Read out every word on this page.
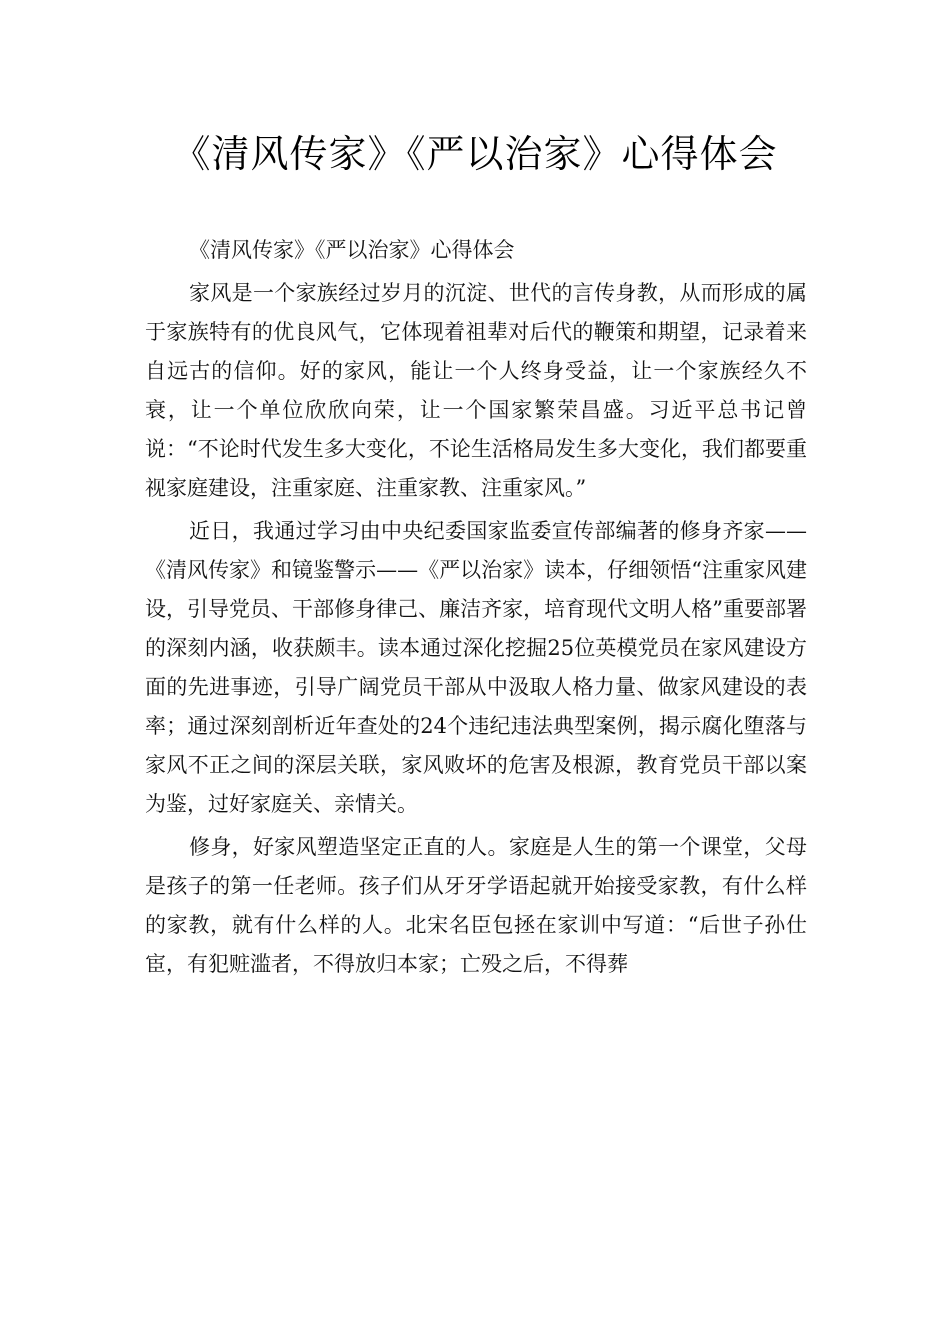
《清风传家》《严以治家》心得体会

《清风传家》《严以治家》心得体会

家风是一个家族经过岁月的沉淀、世代的言传身教，从而形成的属于家族特有的优良风气，它体现着祖辈对后代的鞭策和期望，记录着来自远古的信仰。好的家风，能让一个人终身受益，让一个家族经久不衰，让一个单位欣欣向荣，让一个国家繁荣昌盛。习近平总书记曾说：“不论时代发生多大变化，不论生活格局发生多大变化，我们都要重视家庭建设，注重家庭、注重家教、注重家风。”

近日，我通过学习由中央纪委国家监委宣传部编著的修身齐家——《清风传家》和镜鉴警示——《严以治家》读本，仔细领悟“注重家风建设，引导党员、干部修身律己、廉洁齐家，培育现代文明人格”重要部署的深刻内涵，收获颇丰。读本通过深化挖掘25位英模党员在家风建设方面的先进事迹，引导广阔党员干部从中汲取人格力量、做家风建设的表率；通过深刻剖析近年查处的24个违纪违法典型案例，揭示腐化堕落与家风不正之间的深层关联，家风败坏的危害及根源，教育党员干部以案为鉴，过好家庭关、亲情关。

修身，好家风塑造坚定正直的人。家庭是人生的第一个课堂，父母是孩子的第一任老师。孩子们从牙牙学语起就开始接受家教，有什么样的家教，就有什么样的人。北宋名臣包拯在家训中写道：“后世子孙仕宦，有犯赃滥者，不得放归本家；亡殁之后，不得葬
